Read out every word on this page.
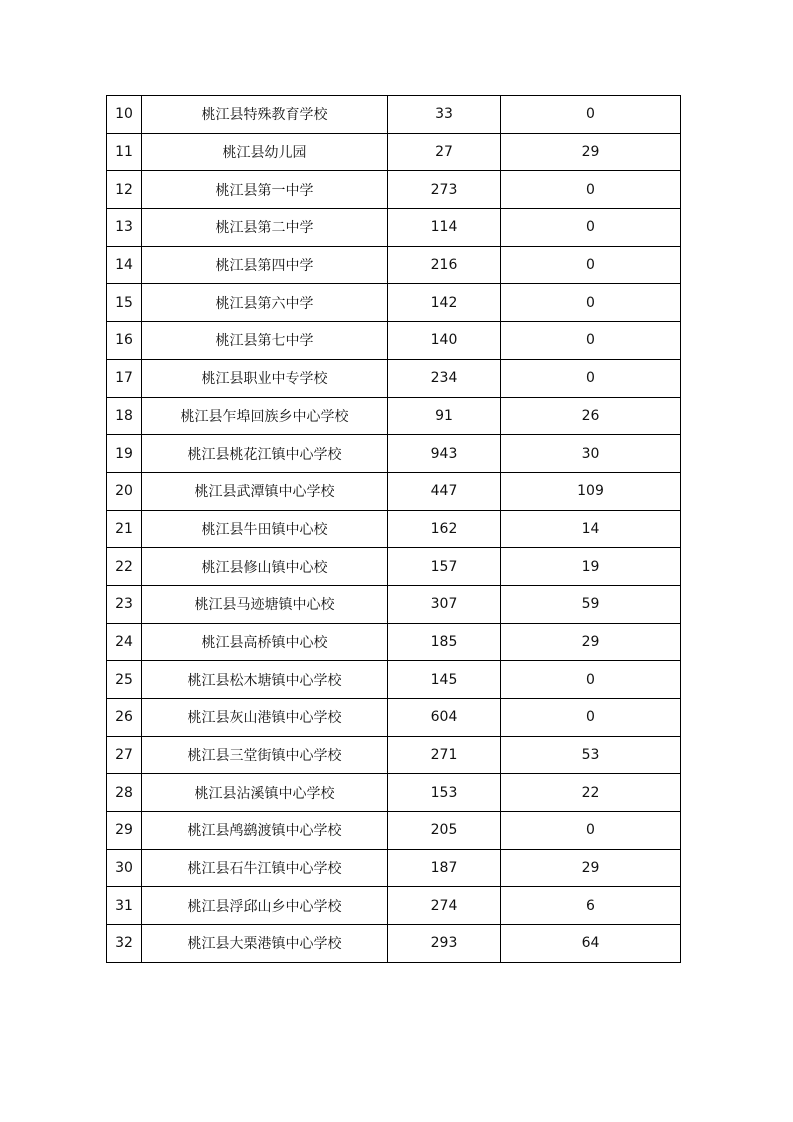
10	桃江县特殊教育学校	33	0
11	桃江县幼儿园	27	29
12	桃江县第一中学	273	0
13	桃江县第二中学	114	0
14	桃江县第四中学	216	0
15	桃江县第六中学	142	0
16	桃江县第七中学	140	0
17	桃江县职业中专学校	234	0
18	桃江县乍埠回族乡中心学校	91	26
19	桃江县桃花江镇中心学校	943	30
20	桃江县武潭镇中心学校	447	109
21	桃江县牛田镇中心校	162	14
22	桃江县修山镇中心校	157	19
23	桃江县马迹塘镇中心校	307	59
24	桃江县高桥镇中心校	185	29
25	桃江县松木塘镇中心学校	145	0
26	桃江县灰山港镇中心学校	604	0
27	桃江县三堂街镇中心学校	271	53
28	桃江县沾溪镇中心学校	153	22
29	桃江县鸬鹚渡镇中心学校	205	0
30	桃江县石牛江镇中心学校	187	29
31	桃江县浮邱山乡中心学校	274	6
32	桃江县大栗港镇中心学校	293	64
